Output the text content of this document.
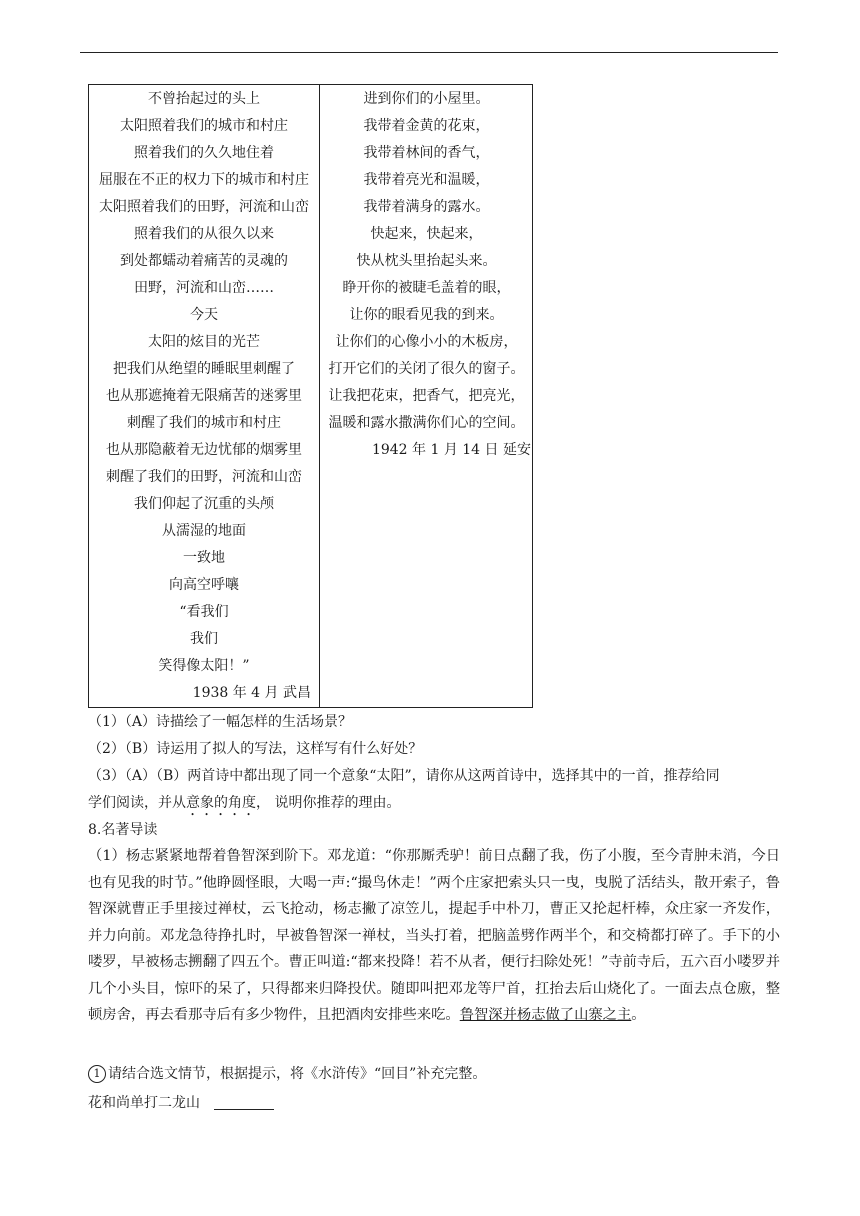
不曾抬起过的头上
太阳照着我们的城市和村庄
照着我们的久久地住着
屈服在不正的权力下的城市和村庄
太阳照着我们的田野，河流和山峦
照着我们的从很久以来
到处都蠕动着痛苦的灵魂的
田野，河流和山峦……
今天
太阳的炫目的光芒
把我们从绝望的睡眠里刺醒了
也从那遮掩着无限痛苦的迷雾里
刺醒了我们的城市和村庄
也从那隐蔽着无边忧郁的烟雾里
刺醒了我们的田野，河流和山峦
我们仰起了沉重的头颅
从濡湿的地面
一致地
向高空呼嚷
“看我们
我们
笑得像太阳！”
1938 年 4 月 武昌
进到你们的小屋里。
我带着金黄的花束，
我带着林间的香气，
我带着亮光和温暖，
我带着满身的露水。
快起来，快起来，
快从枕头里抬起头来。
睁开你的被睫毛盖着的眼，
让你的眼看见我的到来。
让你们的心像小小的木板房，
打开它们的关闭了很久的窗子。
让我把花束，把香气，把亮光，
温暖和露水撒满你们心的空间。
1942 年 1 月 14 日 延安
（1）（A）诗描绘了一幅怎样的生活场景？
（2）（B）诗运用了拟人的写法，这样写有什么好处？
（3）（A）（B）两首诗中都出现了同一个意象“太阳”，请你从这两首诗中，选择其中的一首，推荐给同
学们阅读，并从意象的角度， 说明你推荐的理由。
8.名著导读
（1）杨志紧紧地帮着鲁智深到阶下。邓龙道：“你那厮秃驴！前日点翻了我，伤了小腹，至今青肿未消，今日也有见我的时节。”他睁圆怪眼，大喝一声:“撮鸟休走！”两个庄家把索头只一曳，曳脱了活结头，散开索子，鲁智深就曹正手里接过禅杖，云飞抢动，杨志撇了凉笠儿，提起手中朴刀，曹正又抡起杆棒，众庄家一齐发作，并力向前。邓龙急待挣扎时，早被鲁智深一禅杖，当头打着，把脑盖劈作两半个，和交椅都打碎了。手下的小喽罗，早被杨志搠翻了四五个。曹正叫道:“都来投降！若不从者，便行扫除处死！”寺前寺后，五六百小喽罗并几个小头目，惊吓的呆了，只得都来归降投伏。随即叫把邓龙等尸首，扛抬去后山烧化了。一面去点仓廒，整顿房舍，再去看那寺后有多少物件，且把酒肉安排些来吃。鲁智深并杨志做了山寨之主。
1 请结合选文情节，根据提示，将《水浒传》“回目”补充完整。
花和尚单打二龙山
